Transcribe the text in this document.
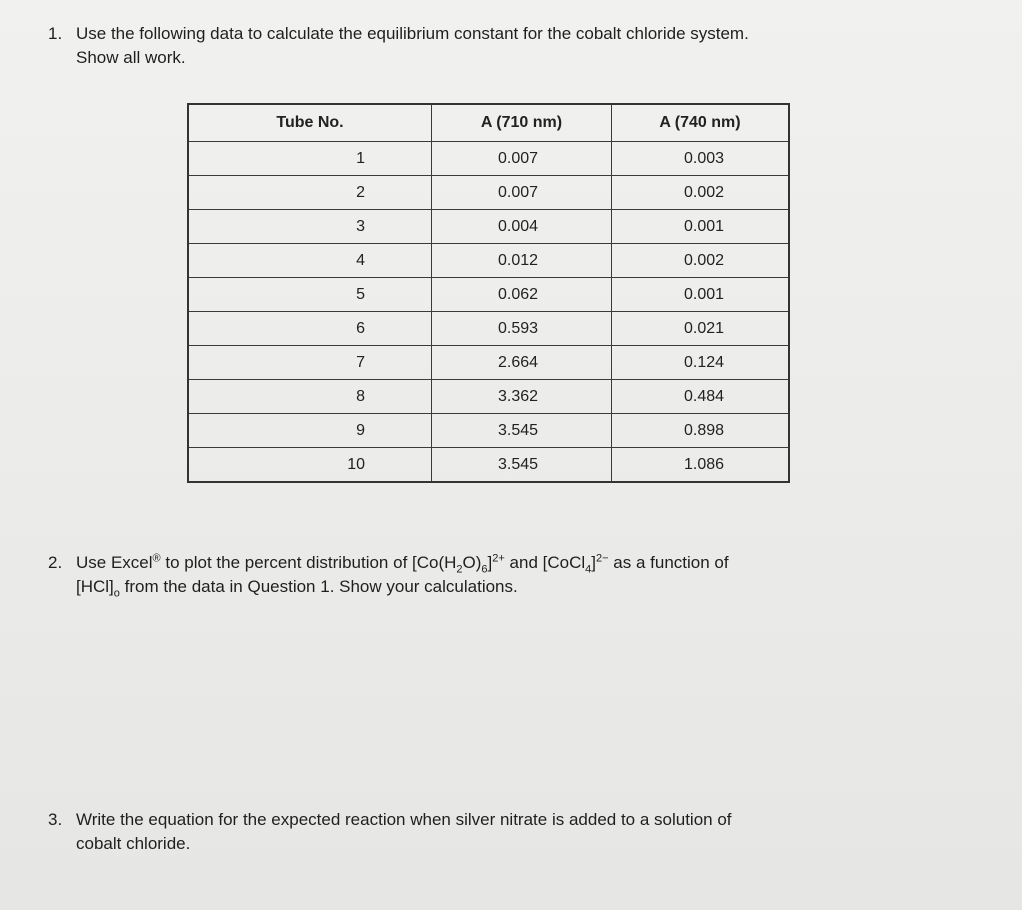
1. Use the following data to calculate the equilibrium constant for the cobalt chloride system.
Show all work.
Tube No.	A (710 nm)	A (740 nm)
1	0.007	0.003
2	0.007	0.002
3	0.004	0.001
4	0.012	0.002
5	0.062	0.001
6	0.593	0.021
7	2.664	0.124
8	3.362	0.484
9	3.545	0.898
10	3.545	1.086
2. Use Excel® to plot the percent distribution of $[Co(H_2O)_6]^{2+}$ and [CoCl$_4$]$^{2-}$ as a function of
$[HCl]_o$ from the data in Question 1. Show your calculations.
3. Write the equation for the expected reaction when silver nitrate is added to a solution of
cobalt chloride.
